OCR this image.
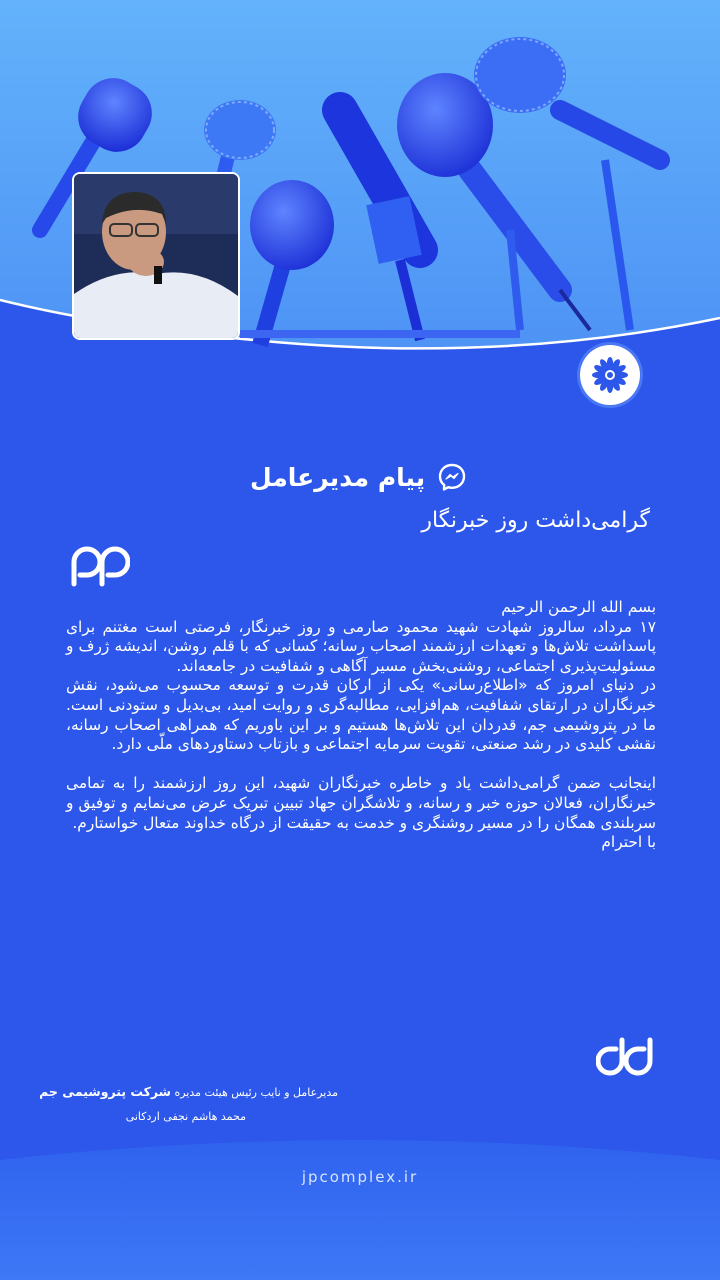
پیام مدیرعامل
گرامی‌داشت روز خبرنگار

بسم الله الرحمن الرحیم

۱۷ مرداد، سالروز شهادت شهید محمود صارمی و روز خبرنگار، فرصتی است مغتنم برای پاسداشت تلاش‌ها و تعهدات ارزشمند اصحاب رسانه؛ کسانی که با قلم روشن، اندیشه ژرف و مسئولیت‌پذیری اجتماعی، روشنی‌بخش مسیر آگاهی و شفافیت در جامعه‌اند.

در دنیای امروز که «اطلاع‌رسانی» یکی از ارکان قدرت و توسعه محسوب می‌شود، نقش خبرنگاران در ارتقای شفافیت، هم‌افزایی، مطالبه‌گری و روایت امید، بی‌بدیل و ستودنی است. ما در پتروشیمی جم، قدردان این تلاش‌ها هستیم و بر این باوریم که همراهی اصحاب رسانه، نقشی کلیدی در رشد صنعتی، تقویت سرمایه اجتماعی و بازتاب دستاوردهای ملّی دارد.

اینجانب ضمن گرامی‌داشت یاد و خاطره خبرنگاران شهید، این روز ارزشمند را به تمامی خبرنگاران، فعالان حوزه خبر و رسانه، و تلاشگران جهاد تبیین تبریک عرض می‌نمایم و توفیق و سربلندی همگان را در مسیر روشنگری و خدمت به حقیقت از درگاه خداوند متعال خواستارم.

با احترام

مدیرعامل و نایب رئیس هیئت مدیره شرکت پتروشیمی جم
محمد هاشم نجفی اردکانی
jpcomplex.ir
